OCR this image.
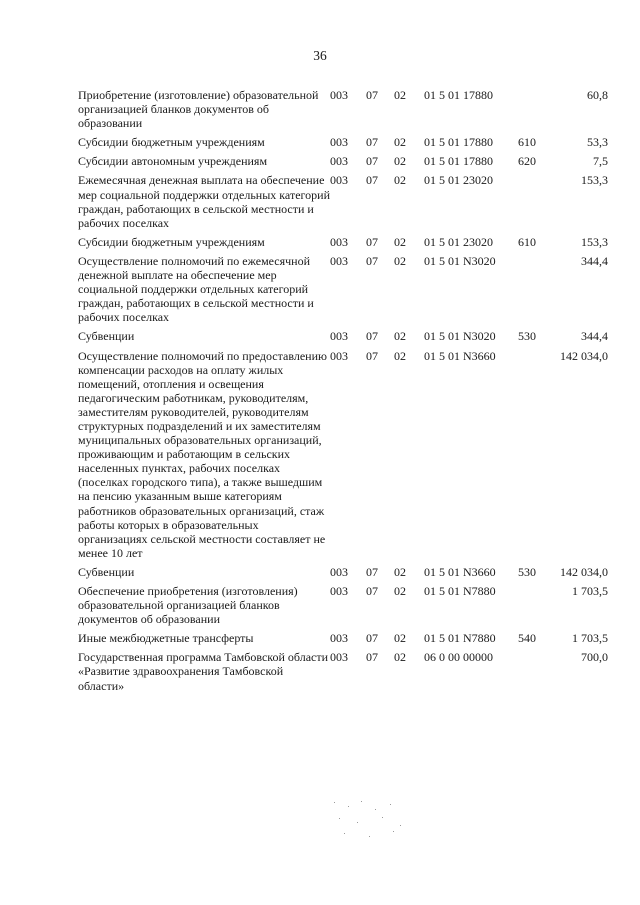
36
Приобретение (изготовление) образовательной организацией бланков документов об образовании	003	07	02	01 5 01 17880		60,8
Субсидии бюджетным учреждениям	003	07	02	01 5 01 17880	610	53,3
Субсидии автономным учреждениям	003	07	02	01 5 01 17880	620	7,5
Ежемесячная денежная выплата на обеспечение мер социальной поддержки отдельных категорий граждан, работающих в сельской местности и рабочих поселках	003	07	02	01 5 01 23020		153,3
Субсидии бюджетным учреждениям	003	07	02	01 5 01 23020	610	153,3
Осуществление полномочий по ежемесячной денежной выплате на обеспечение мер социальной поддержки отдельных категорий граждан, работающих в сельской местности и рабочих поселках	003	07	02	01 5 01 N3020		344,4
Субвенции	003	07	02	01 5 01 N3020	530	344,4
Осуществление полномочий по предоставлению компенсации расходов на оплату жилых помещений, отопления и освещения педагогическим работникам, руководителям, заместителям руководителей, руководителям структурных подразделений и их заместителям муниципальных образовательных организаций, проживающим и работающим в сельских населенных пунктах, рабочих поселках (поселках городского типа), а также вышедшим на пенсию указанным выше категориям работников образовательных организаций, стаж работы которых в образовательных организациях сельской местности составляет не менее 10 лет	003	07	02	01 5 01 N3660		142 034,0
Субвенции	003	07	02	01 5 01 N3660	530	142 034,0
Обеспечение приобретения (изготовления) образовательной организацией бланков документов об образовании	003	07	02	01 5 01 N7880		1 703,5
Иные межбюджетные трансферты	003	07	02	01 5 01 N7880	540	1 703,5
Государственная программа Тамбовской области «Развитие здравоохранения Тамбовской области»	003	07	02	06 0 00 00000		700,0
